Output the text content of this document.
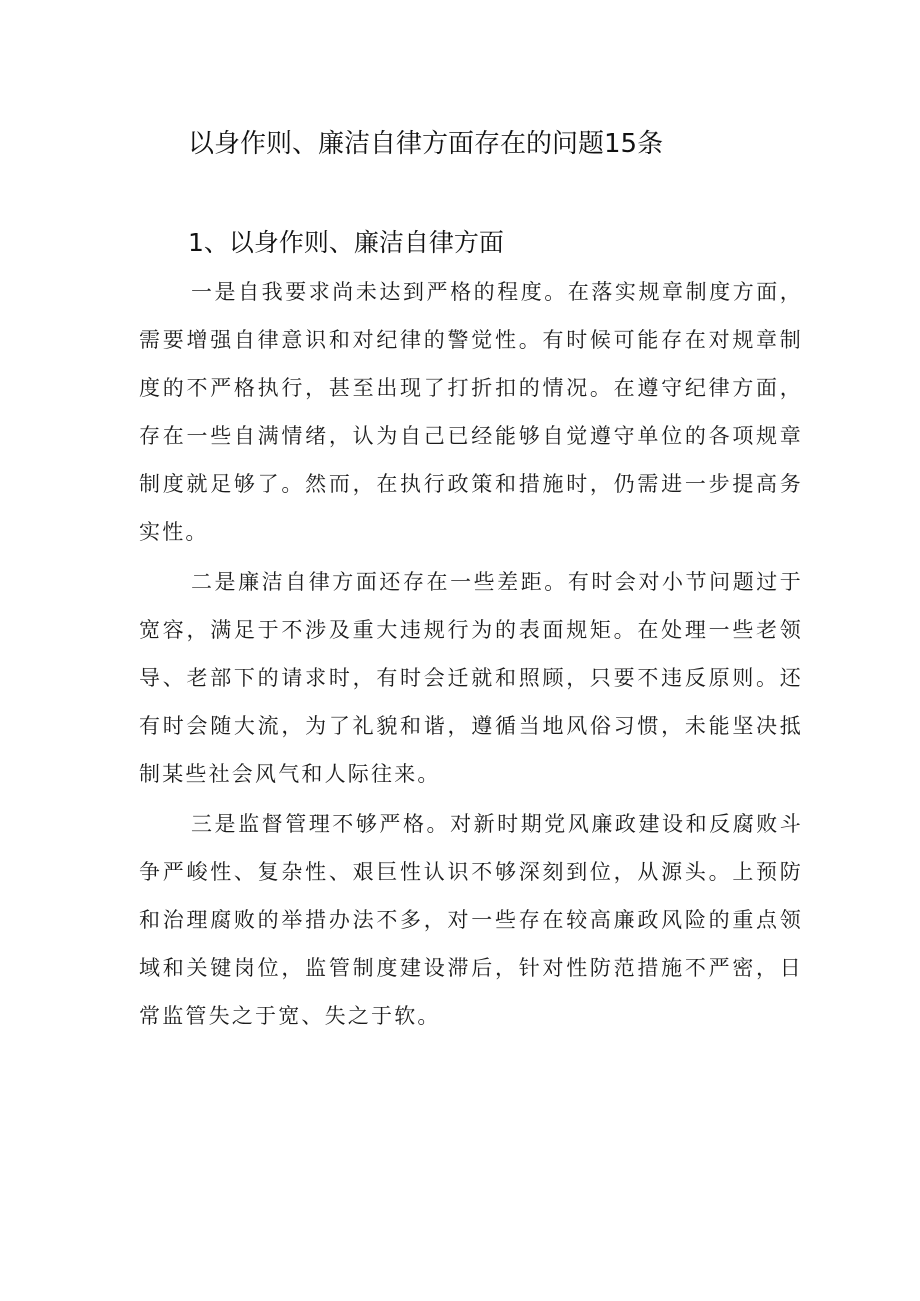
以身作则、廉洁自律方面存在的问题15条
1、以身作则、廉洁自律方面

一是自我要求尚未达到严格的程度。在落实规章制度方面，需要增强自律意识和对纪律的警觉性。有时候可能存在对规章制度的不严格执行，甚至出现了打折扣的情况。在遵守纪律方面，存在一些自满情绪，认为自己已经能够自觉遵守单位的各项规章制度就足够了。然而，在执行政策和措施时，仍需进一步提高务实性。

二是廉洁自律方面还存在一些差距。有时会对小节问题过于宽容，满足于不涉及重大违规行为的表面规矩。在处理一些老领导、老部下的请求时，有时会迁就和照顾，只要不违反原则。还有时会随大流，为了礼貌和谐，遵循当地风俗习惯，未能坚决抵制某些社会风气和人际往来。

三是监督管理不够严格。对新时期党风廉政建设和反腐败斗争严峻性、复杂性、艰巨性认识不够深刻到位，从源头。上预防和治理腐败的举措办法不多，对一些存在较高廉政风险的重点领域和关键岗位，监管制度建设滞后，针对性防范措施不严密，日常监管失之于宽、失之于软。
